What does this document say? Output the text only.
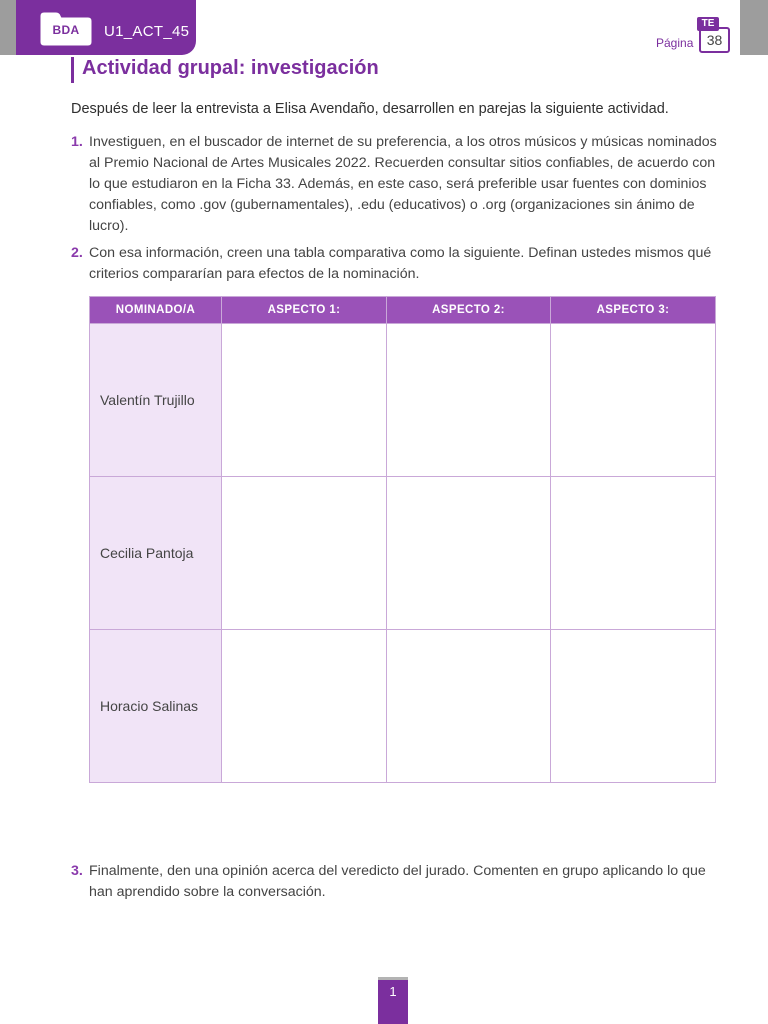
BDA	U1_ACT_45
Página
TE
38
Actividad grupal: investigación

Después de leer la entrevista a Elisa Avendaño, desarrollen en parejas la siguiente actividad.

1. Investiguen, en el buscador de internet de su preferencia, a los otros músicos y músicas nominados al Premio Nacional de Artes Musicales 2022. Recuerden consultar sitios confiables, de acuerdo con lo que estudiaron en la Ficha 33. Además, en este caso, será preferible usar fuentes con dominios confiables, como .gov (gubernamentales), .edu (educativos) o .org (organizaciones sin ánimo de lucro).
2. Con esa información, creen una tabla comparativa como la siguiente. Definan ustedes mismos qué criterios compararían para efectos de la nominación.
NOMINADO/A	ASPECTO 1:	ASPECTO 2:	ASPECTO 3:
Valentín Trujillo			
Cecilia Pantoja			
Horacio Salinas			
3. Finalmente, den una opinión acerca del veredicto del jurado. Comenten en grupo aplicando lo que han aprendido sobre la conversación.
1
